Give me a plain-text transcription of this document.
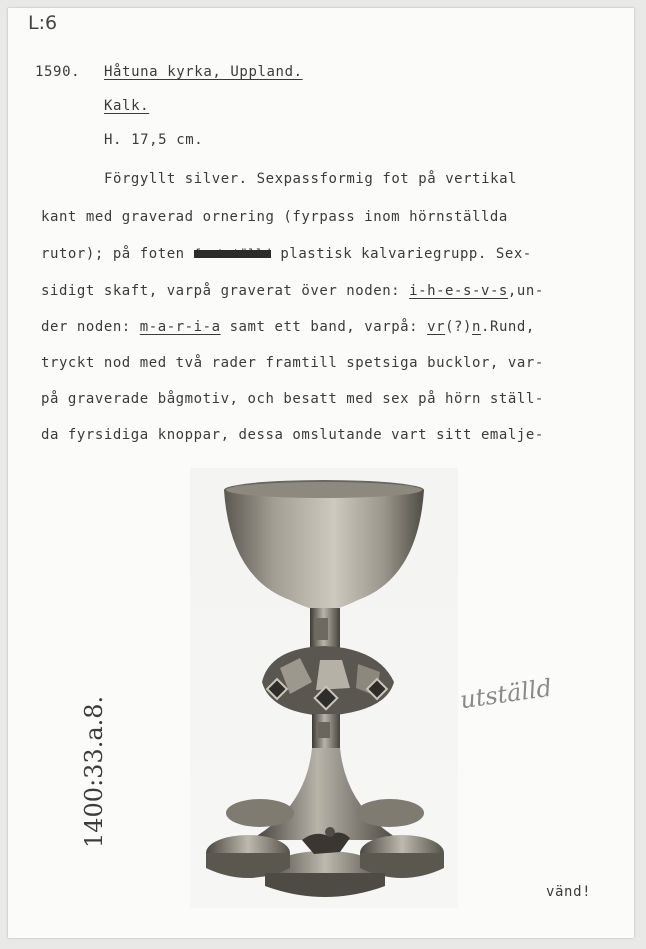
L:6
1590. Håtuna kyrka, Uppland.
Kalk.
H. 17,5 cm.
Förgyllt silver. Sexpassformig fot på vertikal
kant med graverad ornering (fyrpass inom hörnställda
rutor); på foten fastställd plastisk kalvariegrupp. Sex-
sidigt skaft, varpå graverat över noden: i-h-e-s-v-s,un-
der noden: m-a-r-i-a samt ett band, varpå: vr(?)n.Rund,
tryckt nod med två rader framtill spetsiga bucklor, var-
på graverade bågmotiv, och besatt med sex på hörn ställ-
da fyrsidiga knoppar, dessa omslutande vart sitt emalje-
utställd
1400:33.a.8.
vänd!
